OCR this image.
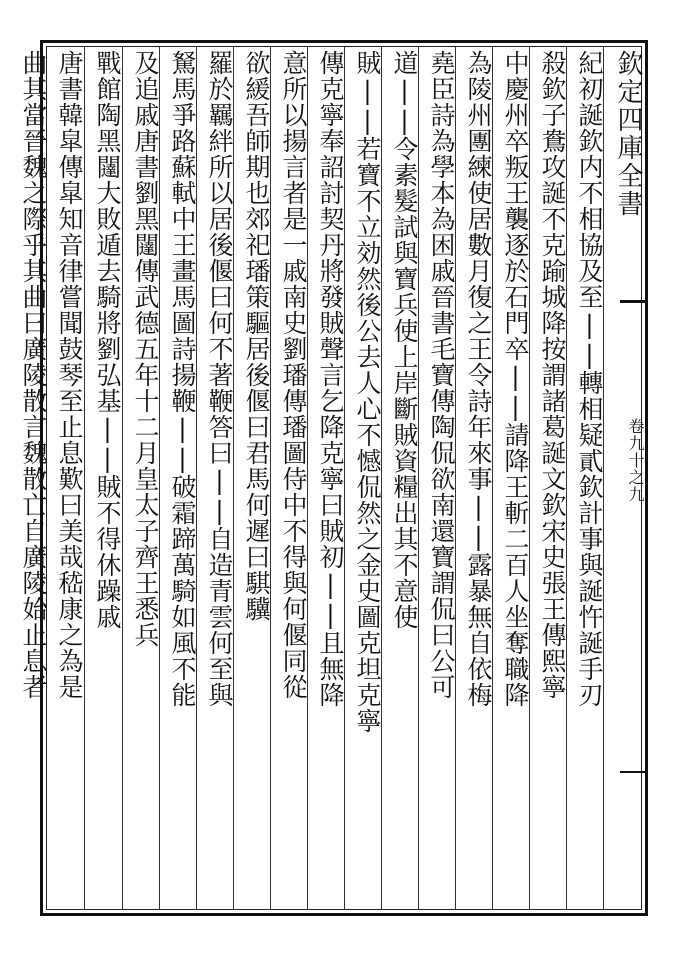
欽定四庫全書
卷九十之九
紀初誕欽内不相協及至||轉相疑貳欽計事與誕忤誕手刃
殺欽子鴦攻誕不克踰城降按謂諸葛誕文欽宋史張王傳熙寧
中慶州卒叛王襲逐於石門卒||請降王斬二百人坐奪職降
為陵州團練使居數月復之王令詩年來事||露暴無自依梅
堯臣詩為學本為困戚晉書毛寶傳陶侃欲南還寶謂侃曰公可
道||令素髮試與寶兵使上岸斷賊資糧出其不意使
賊||若寶不立効然後公去人心不憾侃然之金史圖克坦克寧
傳克寧奉詔討契丹將發賊聲言乞降克寧曰賊初||且無降
意所以揚言者是一戚南史劉璠傳璠圖侍中不得與何偃同從
欲緩吾師期也郊祀璠策驅居後偃曰君馬何遲曰騏驥
羅於羈絆所以居後偃曰何不著鞭答曰||自造青雲何至與
駑馬爭路蘇軾中王畫馬圖詩揚鞭||破霜蹄萬騎如風不能
及追戚唐書劉黑闥傳武德五年十二月皇太子齊王悉兵
戰館陶黑闥大敗遁去騎將劉弘基||賊不得休躁戚
唐書韓皐傳皐知音律嘗聞鼓琴至止息歎曰美哉嵇康之為是
曲其當晉魏之際乎其曲曰廣陵散言魏散亡自廣陵始止息者
